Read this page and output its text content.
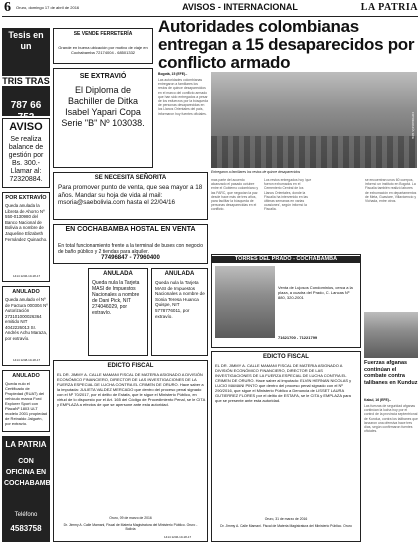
6 Oruro, domingo 17 de abril de 2016	AVISOS - INTERNACIONAL	LA PATRIA
Tesis en un
TRIS TRAS
787 66 752
AVISO
Se realiza balance de gestión por Bs. 300.- Llamar al: 72320884.
POR EXTRAVÍO
Queda anulada la Libreta de Ahorro Nº 550-0130980 del Banco Nacional de Bolivia a nombre de Jaqueline Elizabeth Fernández Quinacho.
1414 1246-10-18-17
ANULADO
Queda anulado el Nº de Factura 000304 Nº Autorización 273101000026364 emitido NIT 4042226013 Sr. Andrés Achu Maraza, por extravío.
1414 1248-10-18-17
ANULADO
Queda nulo el Certificado de Propiedad (RUAT) del vehículo marca Ford Explorer Sport con PlacaNº 1803 ULT modelo 2001 propiedad de Reinaldo Jalguén, por extravío.
LA PATRIA
CON OFICINA EN COCHABAMBA
Teléfono
4583758
SE VENDE FERRETERÍA
Grande en buena ubicación por motivo de viaje en Cochabamba 72174004 - 68501332
SE EXTRAVIÓ
El Diploma de Bachiller de Ditka Isabel Yapari Copa Serie "B" Nº 103038.
Autoridades colombianas entregan a 15 desaparecidos por conflicto armado
Bogotá, 15 (EFE).-
Las autoridades colombianas entregaron a familiares los restos de quince desaparecidos en el marco del conflicto armado que han sido entregados a pesar de los esfuerzos por la búsqueda de personas desaparecidas en los Llanos Orientales del país, informaron hoy fuentes oficiales.	FOTOGRAFÍA: EFE
Entregaron a familiares los restos de quince desaparecidos
mas parte del acuerdo alcanzado el pasado octubre entre el Gobierno colombiano y las FARC, que negocian la paz desde hace más de tres años, para facilitar la búsqueda de personas desaparecidas en el conflicto.
Los restos entregados hoy 'que fueron exhumados en el Cementerio Central de los Llanos Orientales, donde la Fiscalía ha intervenido en las últimas semanas en varias ocasiones', según informó la Fiscalía.
se encuentran unos 60 cuerpos, informó un instituto en Bogotá. La Fiscalía también realizó labores de exhumación en departamentos de Meta, Guaviare, Villavicencio y Vichada, entre otros.
SE NECESITA SEÑORITA
Para promover punto de venta, que sea mayor a 18 años. Mandar su hoja de vida al mail: msoria@saebolivia.com hasta el 22/04/16
EN COCHABAMBA HOSTAL EN VENTA
En total funcionamiento frente a la terminal de buses con negocio de baño público y 2 tiendas para alquiler.
77496847 - 77960400
ANULADA
Queda nula la Tarjeta MASI de Impuestos Nacionales a nombre de Dani Pick, NIT 274046029, por extravío.
ANULADA
Queda nula la Tarjeta MASI de Impuestos Nacionales a nombre de Sonia Teresa Huanca Quispe, NIT 5778776011, por extravío.
TORRES DEL PRADO - COCHABAMBA
Venta de Lujosos Condominios, cerca a la plaza, a cuadra del Prado, C. Lancas Nº 880, 320-2001
71621700 - 71221799
Fuerzas afganas continúan el combate contra talibanes en Kunduz
Kabul, 16 (EFE).-
Las fuerzas de seguridad afganas continúan la lucha hoy por el control de la provincia septentrional de Kunduz, contra los talibanes que lanzaron una ofensiva hace tres días, según confirmaron fuentes oficiales.
EDICTO FISCAL
EL DR. JIMMY A. CALLE MAMANI FISCAL DE MATERIA ASIGNADO A DIVISIÓN ECONÓMICO FINANCIERO, DIRECTOR DE LAS INVESTIGACIONES DE LA FUERZA ESPECIAL DE LUCHA CONTRA EL CRIMEN DE ORURO. Hace saber a la imputada: JULIETA VALDEZ MERCADO que dentro del proceso penal signado con el Nº 70/2017, por el delito de Estafa, que le sigue el Ministerio Público, en virtud de lo dispuesto por el Art. 165 del Código de Procedimiento Penal, se le CITA y EMPLAZA a efectos de que se apersone ante esta autoridad.
Oruro, 09 de marzo de 2016
Dr. Jimmy A. Calle Mamani, Fiscal de Materia Magistratura del Ministerio Público. Oruro - Bolivia
1414 1246-10-18-17
EDICTO FISCAL
EL DR. JIMMY A. CALLE MAMANI FISCAL DE MATERIA ASIGNADO A DIVISIÓN ECONÓMICO FINANCIERO, DIRECTOR DE LAS INVESTIGACIONES DE LA FUERZA ESPECIAL DE LUCHA CONTRA EL CRIMEN DE ORURO. Hace saber al imputado: ELVIN HERNAN NICOLAS y LUCIO MAMANI PINTO que dentro del proceso penal signado con el Nº 290/2016, que sigue el Ministerio Público a Denuncia de LISSET LAURA GUTIERREZ FLORES por el delito de ESTAFA, se le CITA y EMPLAZA para que se presente ante esta autoridad.
Oruro, 31 de marzo de 2016
Dr. Jimmy A. Calle Mamani. Fiscal de Materia Magistratura del Ministerio Público. Oruro
